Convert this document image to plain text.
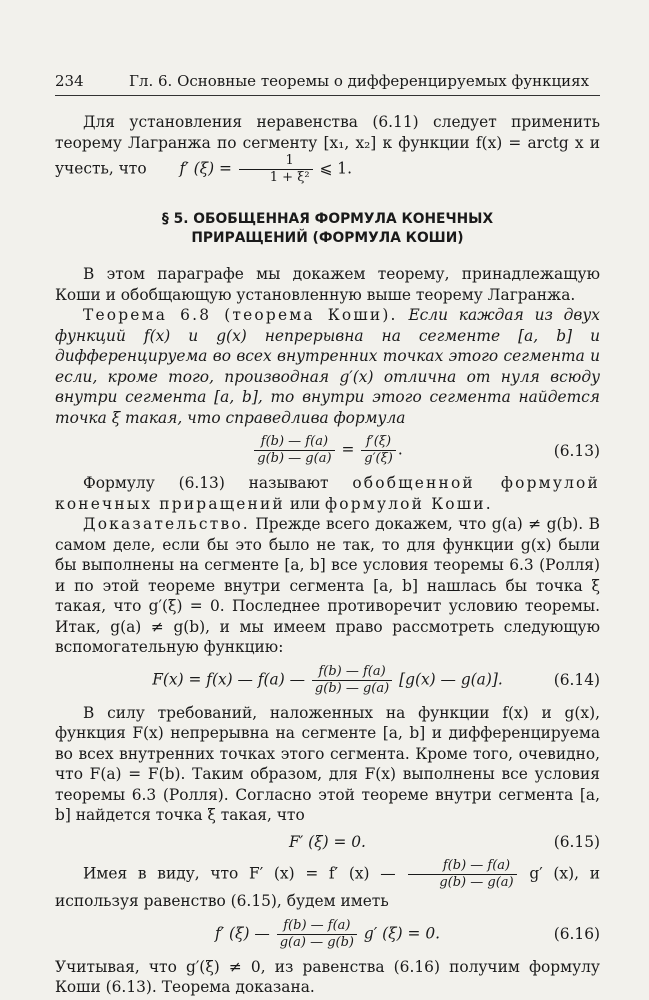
234	Гл. 6. Основные теоремы о дифференцируемых функциях

Для установления неравенства (6.11) следует применить теорему Лагранжа по сегменту [x₁, x₂] к функции f(x) = arctg x и учесть, что f′ $(\xi) = \frac{1}{\text{1 + ξ²}}$ ⩽ 1.

§ 5. ОБОБЩЕННАЯ ФОРМУЛА КОНЕЧНЫХ
ПРИРАЩЕНИЙ (ФОРМУЛА КОШИ)

В этом параграфе мы докажем теорему, принадлежащую Коши и обобщающую установленную выше теорему Лагранжа.

Теорема 6.8 (теорема Коши). Если каждая из двух функций f(x) и g(x) непрерывна на сегменте [a, b] и дифференцируема во всех внутренних точках этого сегмента и если, кроме того, производная g′(x) отлична от нуля всюду внутри сегмента [a, b], то внутри этого сегмента найдется точка ξ такая, что справедлива формула

$\frac{f(b) — f(a)}{g(b) — g(a)} = \frac{f'(\xi)}{g'(\xi)}$ .	(6.13)

Формулу (6.13) называют обобщенной формулой конечных приращений или формулой Коши.

Доказательство. Прежде всего докажем, что g(a) ≠ g(b). В самом деле, если бы это было не так, то для функции g(x) были бы выполнены на сегменте [a, b] все условия теоремы 6.3 (Ролля) и по этой теореме внутри сегмента [a, b] нашлась бы точка ξ такая, что g′(ξ) = 0. Последнее противоречит условию теоремы. Итак, g(a) ≠ g(b), и мы имеем право рассмотреть следующую вспомогательную функцию:

F(x) = f(x) — f(a) — $\frac{f(b) — f(a)}{g(b) — g(a)} [g(x)$ — g(a)].	(6.14)

В силу требований, наложенных на функции f(x) и g(x), функция F(x) непрерывна на сегменте [a, b] и дифференцируема во всех внутренних точках этого сегмента. Кроме того, очевидно, что F(a) = F(b). Таким образом, для F(x) выполнены все условия теоремы 6.3 (Ролля). Согласно этой теореме внутри сегмента [a, b] найдется точка ξ такая, что

F′ (ξ) = 0.	(6.15)

Имея в виду, что F′ (x) = f′ (x) — $\frac{f(b) — f(a)}{g(b) — g(a)} g'$ (x), и используя равенство (6.15), будем иметь

f′ (ξ) — $\frac{f(b) — f(a)}{g(a) — g(b)} g'$ (ξ) = 0.	(6.16)

Учитывая, что g′(ξ) ≠ 0, из равенства (6.16) получим формулу Коши (6.13). Теорема доказана.
